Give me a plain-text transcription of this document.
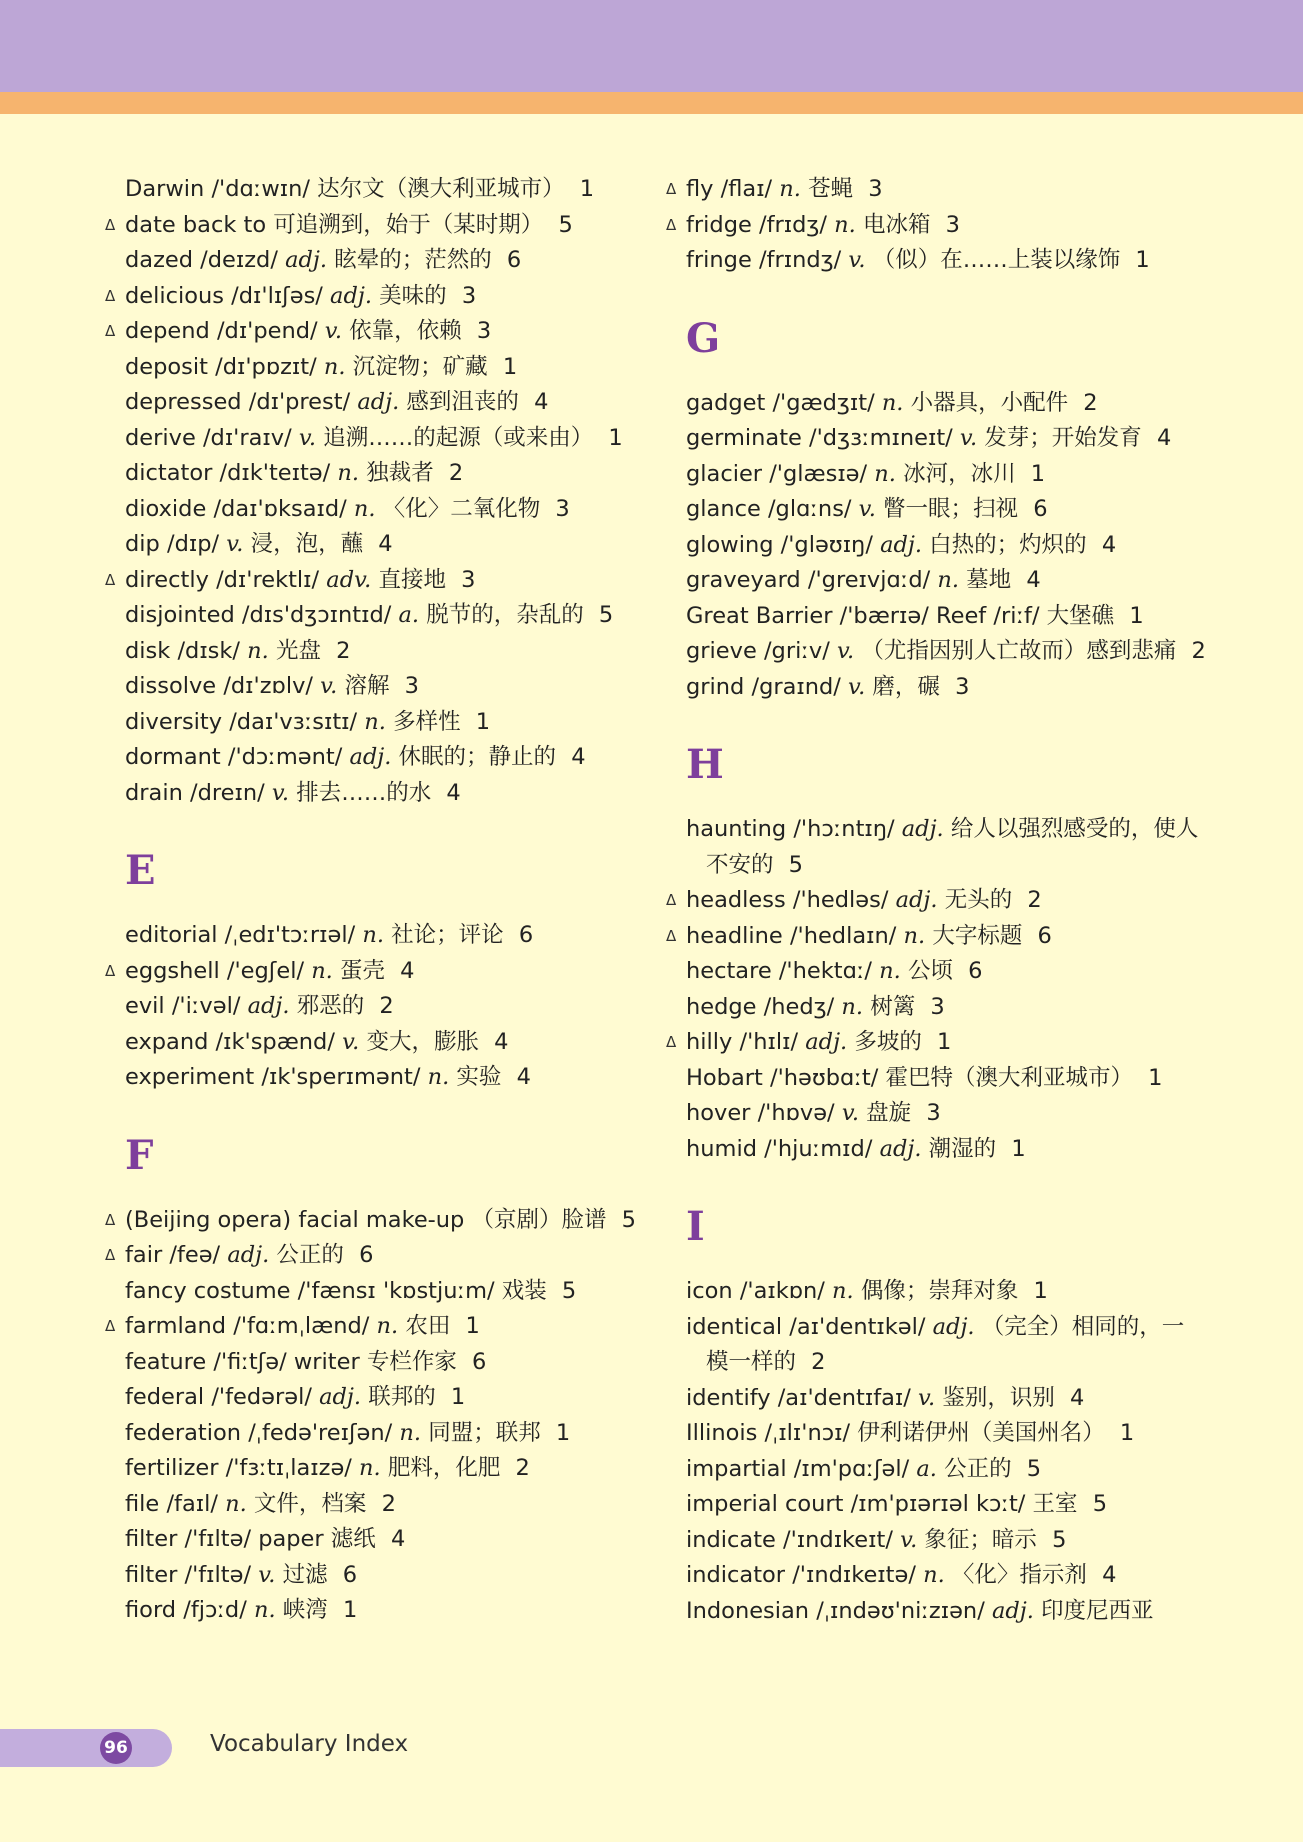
Darwin /'dɑːwɪn/ 达尔文（澳大利亚城市） 1
Δ date back to 可追溯到，始于（某时期） 5
dazed /deɪzd/ adj. 眩晕的；茫然的 6
Δ delicious /dɪ'lɪʃəs/ adj. 美味的 3
Δ depend /dɪ'pend/ v. 依靠，依赖 3
deposit /dɪ'pɒzɪt/ n. 沉淀物；矿藏 1
depressed /dɪ'prest/ adj. 感到沮丧的 4
derive /dɪ'raɪv/ v. 追溯……的起源（或来由） 1
dictator /dɪk'teɪtə/ n. 独裁者 2
dioxide /daɪ'ɒksaɪd/ n. 〈化〉二氧化物 3
dip /dɪp/ v. 浸，泡，蘸 4
Δ directly /dɪ'rektlɪ/ adv. 直接地 3
disjointed /dɪs'dʒɔɪntɪd/ a. 脱节的，杂乱的 5
disk /dɪsk/ n. 光盘 2
dissolve /dɪ'zɒlv/ v. 溶解 3
diversity /daɪ'vɜːsɪtɪ/ n. 多样性 1
dormant /'dɔːmənt/ adj. 休眠的；静止的 4
drain /dreɪn/ v. 排去……的水 4
E
editorial /ˌedɪ'tɔːrɪəl/ n. 社论；评论 6
Δ eggshell /'egʃel/ n. 蛋壳 4
evil /'iːvəl/ adj. 邪恶的 2
expand /ɪk'spænd/ v. 变大，膨胀 4
experiment /ɪk'sperɪmənt/ n. 实验 4
F
Δ (Beijing opera) facial make-up （京剧）脸谱 5
Δ fair /feə/ adj. 公正的 6
fancy costume /'fænsɪ 'kɒstjuːm/ 戏装 5
Δ farmland /'fɑːmˌlænd/ n. 农田 1
feature /'fiːtʃə/ writer 专栏作家 6
federal /'fedərəl/ adj. 联邦的 1
federation /ˌfedə'reɪʃən/ n. 同盟；联邦 1
fertilizer /'fɜːtɪˌlaɪzə/ n. 肥料，化肥 2
file /faɪl/ n. 文件，档案 2
filter /'fɪltə/ paper 滤纸 4
filter /'fɪltə/ v. 过滤 6
fiord /fjɔːd/ n. 峡湾 1
Δ fly /flaɪ/ n. 苍蝇 3
Δ fridge /frɪdʒ/ n. 电冰箱 3
fringe /frɪndʒ/ v. （似）在……上装以缘饰 1
G
gadget /'gædʒɪt/ n. 小器具，小配件 2
germinate /'dʒɜːmɪneɪt/ v. 发芽；开始发育 4
glacier /'glæsɪə/ n. 冰河，冰川 1
glance /glɑːns/ v. 瞥一眼；扫视 6
glowing /'gləʊɪŋ/ adj. 白热的；灼炽的 4
graveyard /'greɪvjɑːd/ n. 墓地 4
Great Barrier /'bærɪə/ Reef /riːf/ 大堡礁 1
grieve /griːv/ v. （尤指因别人亡故而）感到悲痛 2
grind /graɪnd/ v. 磨，碾 3
H
haunting /'hɔːntɪŋ/ adj. 给人以强烈感受的，使人不安的 5
Δ headless /'hedləs/ adj. 无头的 2
Δ headline /'hedlaɪn/ n. 大字标题 6
hectare /'hektɑː/ n. 公顷 6
hedge /hedʒ/ n. 树篱 3
Δ hilly /'hɪlɪ/ adj. 多坡的 1
Hobart /'həʊbɑːt/ 霍巴特（澳大利亚城市） 1
hover /'hɒvə/ v. 盘旋 3
humid /'hjuːmɪd/ adj. 潮湿的 1
I
icon /'aɪkɒn/ n. 偶像；崇拜对象 1
identical /aɪ'dentɪkəl/ adj. （完全）相同的，一模一样的 2
identify /aɪ'dentɪfaɪ/ v. 鉴别，识别 4
Illinois /ˌɪlɪ'nɔɪ/ 伊利诺伊州（美国州名） 1
impartial /ɪm'pɑːʃəl/ a. 公正的 5
imperial court /ɪm'pɪərɪəl kɔːt/ 王室 5
indicate /'ɪndɪkeɪt/ v. 象征；暗示 5
indicator /'ɪndɪkeɪtə/ n. 〈化〉指示剂 4
Indonesian /ˌɪndəʊ'niːzɪən/ adj. 印度尼西亚
96	Vocabulary Index
